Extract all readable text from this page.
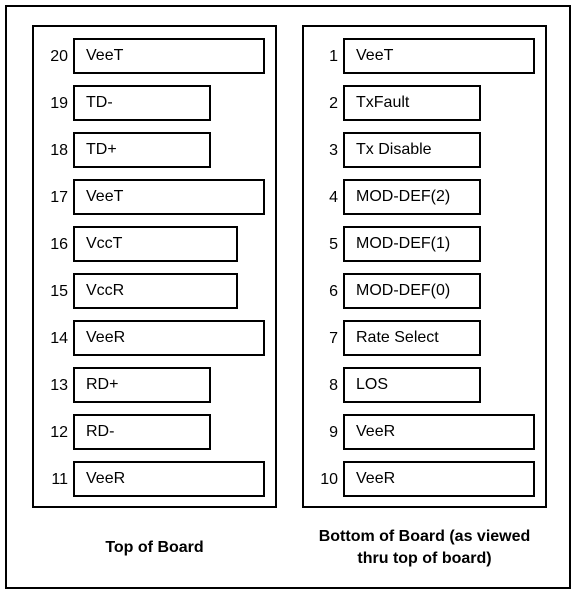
20	VeeT
19	TD-
18	TD+
17	VeeT
16	VccT
15	VccR
14	VeeR
13	RD+
12	RD-
11	VeeR
1	VeeT
2	TxFault
3	Tx Disable
4	MOD-DEF(2)
5	MOD-DEF(1)
6	MOD-DEF(0)
7	Rate Select
8	LOS
9	VeeR
10	VeeR
Top of Board
Bottom of Board (as viewed
thru top of board)
